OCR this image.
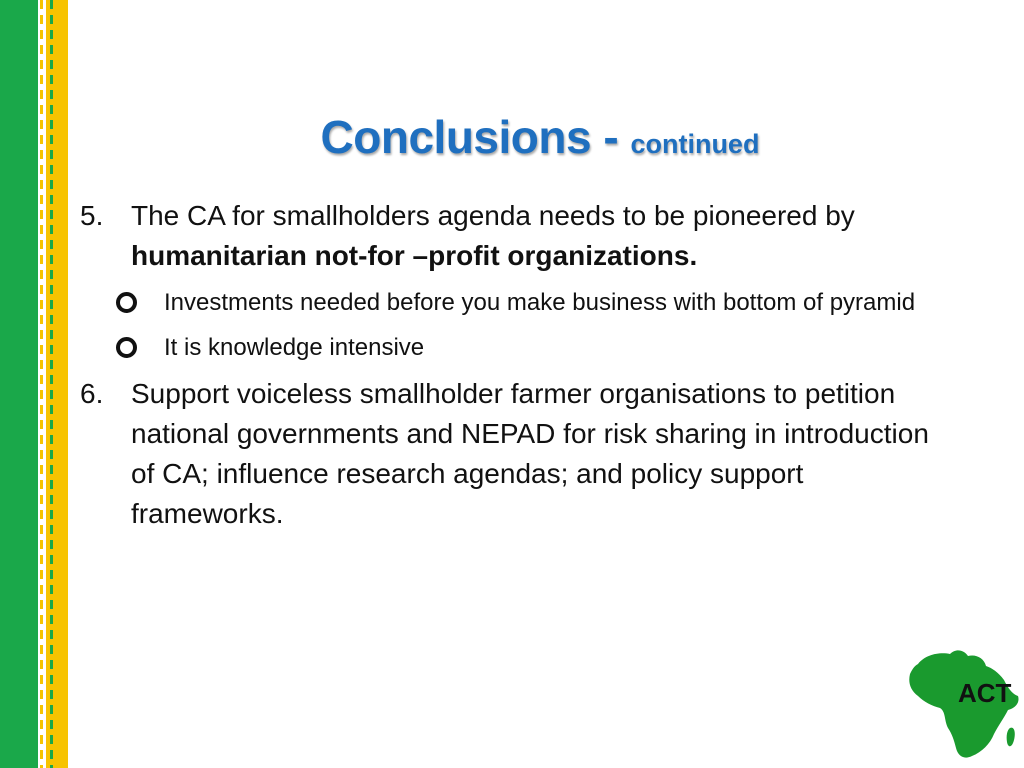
Conclusions - continued
5. The CA for smallholders agenda needs to be pioneered by humanitarian not-for –profit organizations.
Investments needed before you make business with bottom of pyramid
It is knowledge intensive
6. Support voiceless smallholder farmer organisations to petition national governments and NEPAD for risk sharing in introduction of CA; influence research agendas; and policy support frameworks.
ACT
